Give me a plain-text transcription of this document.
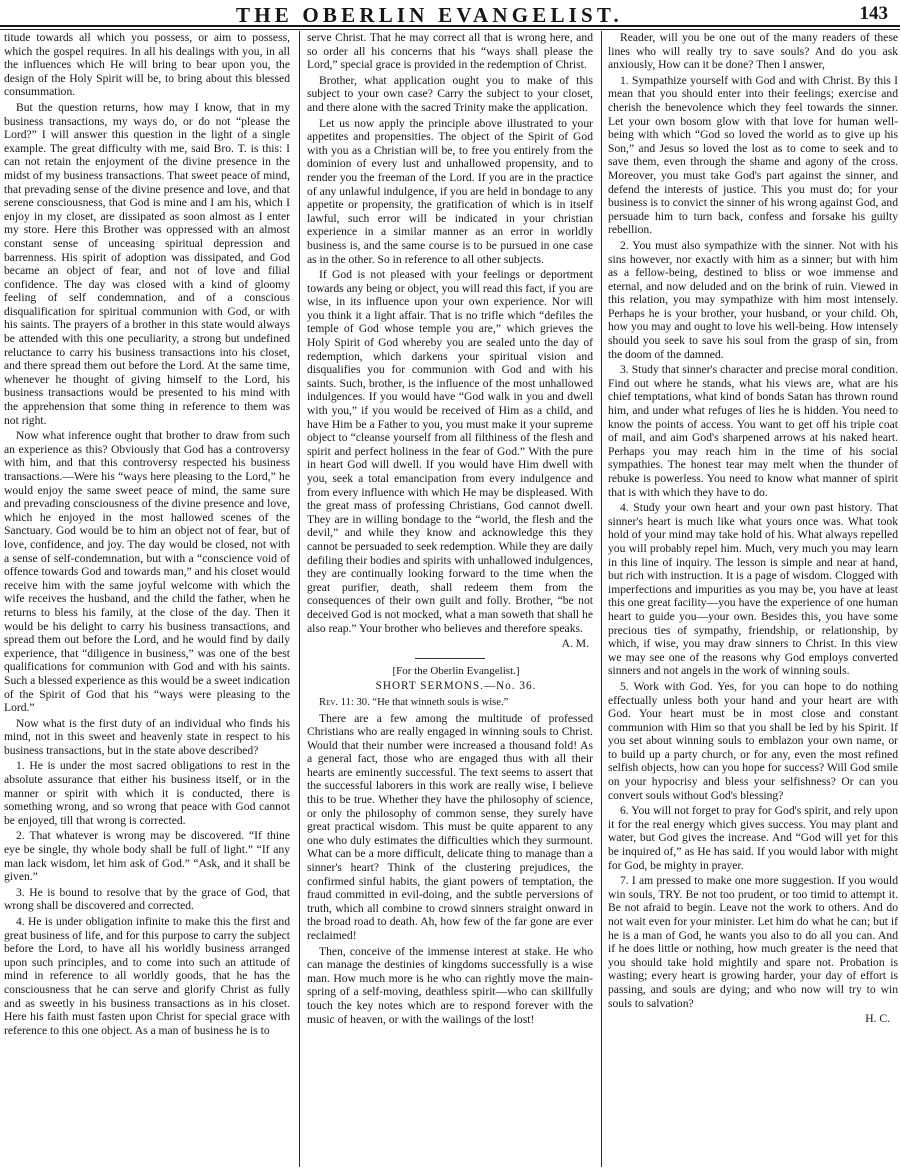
THE OBERLIN EVANGELIST.	143

titude towards all which you possess, or aim to possess, which the gospel requires. In all his dealings with you, in all the influences which He will bring to bear upon you, the design of the Holy Spirit will be, to bring about this blessed consummation.

But the question returns, how may I know, that in my business transactions, my ways do, or do not “please the Lord?” I will answer this question in the light of a single example. The great difficulty with me, said Bro. T. is this: I can not retain the enjoyment of the divine presence in the midst of my business transactions. That sweet peace of mind, that prevading sense of the divine presence and love, and that serene consciousness, that God is mine and I am his, which I enjoy in my closet, are dissipated as soon almost as I enter my store. Here this Brother was oppressed with an almost constant sense of unceasing spiritual depression and barrenness. His spirit of adoption was dissipated, and God became an object of fear, and not of love and filial confidence. The day was closed with a kind of gloomy feeling of self condemnation, and of a conscious disqualification for spiritual communion with God, or with his saints. The prayers of a brother in this state would always be attended with this one peculiarity, a strong but undefined reluctance to carry his business transactions into his closet, and there spread them out before the Lord. At the same time, whenever he thought of giving himself to the Lord, his business transactions would be presented to his mind with the apprehension that some thing in reference to them was not right.

Now what inference ought that brother to draw from such an experience as this? Obviously that God has a controversy with him, and that this controversy respected his business transactions.—Were his “ways here pleasing to the Lord,” he would enjoy the same sweet peace of mind, the same sure and prevading consciousness of the divine presence and love, which he enjoyed in the most hallowed scenes of the Sanctuary. God would be to him an object not of fear, but of love, confidence, and joy. The day would be closed, not with a sense of self-condemnation, but with a “conscience void of offence towards God and towards man,” and his closet would receive him with the same joyful welcome with which the wife receives the husband, and the child the father, when he returns to bless his family, at the close of the day. Then it would be his delight to carry his business transactions, and spread them out before the Lord, and he would find by daily experience, that “diligence in business,” was one of the best qualifications for communion with God and with his saints. Such a blessed experience as this would be a sweet indication of the Spirit of God that his “ways were pleasing to the Lord.”

Now what is the first duty of an individual who finds his mind, not in this sweet and heavenly state in respect to his business transactions, but in the state above described?

1. He is under the most sacred obligations to rest in the absolute assurance that either his business itself, or in the manner or spirit with which it is conducted, there is something wrong, and so wrong that peace with God cannot be enjoyed, till that wrong is corrected.

2. That whatever is wrong may be discovered. “If thine eye be single, thy whole body shall be full of light.” “If any man lack wisdom, let him ask of God.” “Ask, and it shall be given.”

3. He is bound to resolve that by the grace of God, that wrong shall be discovered and corrected.

4. He is under obligation infinite to make this the first and great business of life, and for this purpose to carry the subject before the Lord, to have all his worldly business arranged upon such principles, and to come into such an attitude of mind in reference to all worldly goods, that he has the consciousness that he can serve and glorify Christ as fully and as sweetly in his business transactions as in his closet. Here his faith must fasten upon Christ for special grace with reference to this one object. As a man of business he is to

serve Christ. That he may correct all that is wrong here, and so order all his concerns that his “ways shall please the Lord,” special grace is provided in the redemption of Christ.

Brother, what application ought you to make of this subject to your own case? Carry the subject to your closet, and there alone with the sacred Trinity make the application.

Let us now apply the principle above illustrated to your appetites and propensities. The object of the Spirit of God with you as a Christian will be, to free you entirely from the dominion of every lust and unhallowed propensity, and to render you the freeman of the Lord. If you are in the practice of any unlawful indulgence, if you are held in bondage to any appetite or propensity, the gratification of which is in itself lawful, such error will be indicated in your christian experience in a similar manner as an error in worldly business is, and the same course is to be pursued in one case as in the other. So in reference to all other subjects.

If God is not pleased with your feelings or deportment towards any being or object, you will read this fact, if you are wise, in its influence upon your own experience. Nor will you think it a light affair. That is no trifle which “defiles the temple of God whose temple you are,” which grieves the Holy Spirit of God whereby you are sealed unto the day of redemption, which darkens your spiritual vision and disqualifies you for communion with God and with his saints. Such, brother, is the influence of the most unhallowed indulgences. If you would have “God walk in you and dwell with you,” if you would be received of Him as a child, and have Him be a Father to you, you must make it your supreme object to “cleanse yourself from all filthiness of the flesh and spirit and perfect holiness in the fear of God.” With the pure in heart God will dwell. If you would have Him dwell with you, seek a total emancipation from every indulgence and from every influence with which He may be displeased. With the great mass of professing Christians, God cannot dwell. They are in willing bondage to the “world, the flesh and the devil,” and while they know and acknowledge this they cannot be persuaded to seek redemption. While they are daily defiling their bodies and spirits with unhallowed indulgences, they are continually looking forward to the time when the great purifier, death, shall redeem them from the consequences of their own guilt and folly. Brother, “be not deceived God is not mocked, what a man soweth that shall he also reap.” Your brother who believes and therefore speaks.

A. M.

[For the Oberlin Evangelist.]

SHORT SERMONS.—No. 36.

Rev. 11: 30. “He that winneth souls is wise.”

There are a few among the multitude of professed Christians who are really engaged in winning souls to Christ. Would that their number were increased a thousand fold! As a general fact, those who are engaged thus with all their hearts are eminently successful. The text seems to assert that the successful laborers in this work are really wise, I believe this to be true. Whether they have the philosophy of science, or only the philosophy of common sense, they surely have great practical wisdom. This must be quite apparent to any one who duly estimates the difficulties which they surmount. What can be a more difficult, delicate thing to manage than a sinner's heart? Think of the clustering prejudices, the confirmed sinful habits, the giant powers of temptation, the fraud committed in evil-doing, and the subtle perversions of truth, which all combine to crowd sinners straight onward in the broad road to death. Ah, how few of the far gone are ever reclaimed!

Then, conceive of the immense interest at stake. He who can manage the destinies of kingdoms successfully is a wise man. How much more is he who can rightly move the main-spring of a self-moving, deathless spirit—who can skillfully touch the key notes which are to respond forever with the music of heaven, or with the wailings of the lost!

Reader, will you be one out of the many readers of these lines who will really try to save souls? And do you ask anxiously, How can it be done? Then I answer,

1. Sympathize yourself with God and with Christ. By this I mean that you should enter into their feelings; exercise and cherish the benevolence which they feel towards the sinner. Let your own bosom glow with that love for human well-being with which “God so loved the world as to give up his Son,” and Jesus so loved the lost as to come to seek and to save them, even through the shame and agony of the cross. Moreover, you must take God's part against the sinner, and defend the interests of justice. This you must do; for your business is to convict the sinner of his wrong against God, and persuade him to turn back, confess and forsake his guilty rebellion.

2. You must also sympathize with the sinner. Not with his sins however, nor exactly with him as a sinner; but with him as a fellow-being, destined to bliss or woe immense and eternal, and now deluded and on the brink of ruin. Viewed in this relation, you may sympathize with him most intensely. Perhaps he is your brother, your husband, or your child. Oh, how you may and ought to love his well-being. How intensely should you seek to save his soul from the grasp of sin, from the doom of the damned.

3. Study that sinner's character and precise moral condition. Find out where he stands, what his views are, what are his chief temptations, what kind of bonds Satan has thrown round him, and under what refuges of lies he is hidden. You need to know the points of access. You want to get off his triple coat of mail, and aim God's sharpened arrows at his naked heart. Perhaps you may reach him in the time of his social sympathies. The honest tear may melt when the thunder of rebuke is powerless. You need to know what manner of spirit that is with which they have to do.

4. Study your own heart and your own past history. That sinner's heart is much like what yours once was. What took hold of your mind may take hold of his. What always repelled you will probably repel him. Much, very much you may learn in this line of inquiry. The lesson is simple and near at hand, but rich with instruction. It is a page of wisdom. Clogged with imperfections and impurities as you may be, you have at least this one great facility—you have the experience of one human heart to guide you—your own. Besides this, you have some precious ties of sympathy, friendship, or relationship, by which, if wise, you may draw sinners to Christ. In this view we may see one of the reasons why God employs converted sinners and not angels in the work of winning souls.

5. Work with God. Yes, for you can hope to do nothing effectually unless both your hand and your heart are with God. Your heart must be in most close and constant communion with Him so that you shall be led by his Spirit. If you set about winning souls to emblazon your own name, or to build up a party church, or for any, even the most refined selfish objects, how can you hope for success? Will God smile on your hypocrisy and bless your selfishness? Or can you convert souls without God's blessing?

6. You will not forget to pray for God's spirit, and rely upon it for the real energy which gives success. You may plant and water, but God gives the increase. And “God will yet for this be inquired of,” as He has said. If you would labor with might for God, be mighty in prayer.

7. I am pressed to make one more suggestion. If you would win souls, TRY. Be not too prudent, or too timid to attempt it. Be not afraid to begin. Leave not the work to others. And do not wait even for your minister. Let him do what he can; but if he is a man of God, he wants you also to do all you can. And if he does little or nothing, how much greater is the need that you should take hold mightily and spare not. Probation is wasting; every heart is growing harder, your day of effort is passing, and souls are dying; and who now will try to win souls to salvation?

H. C.
